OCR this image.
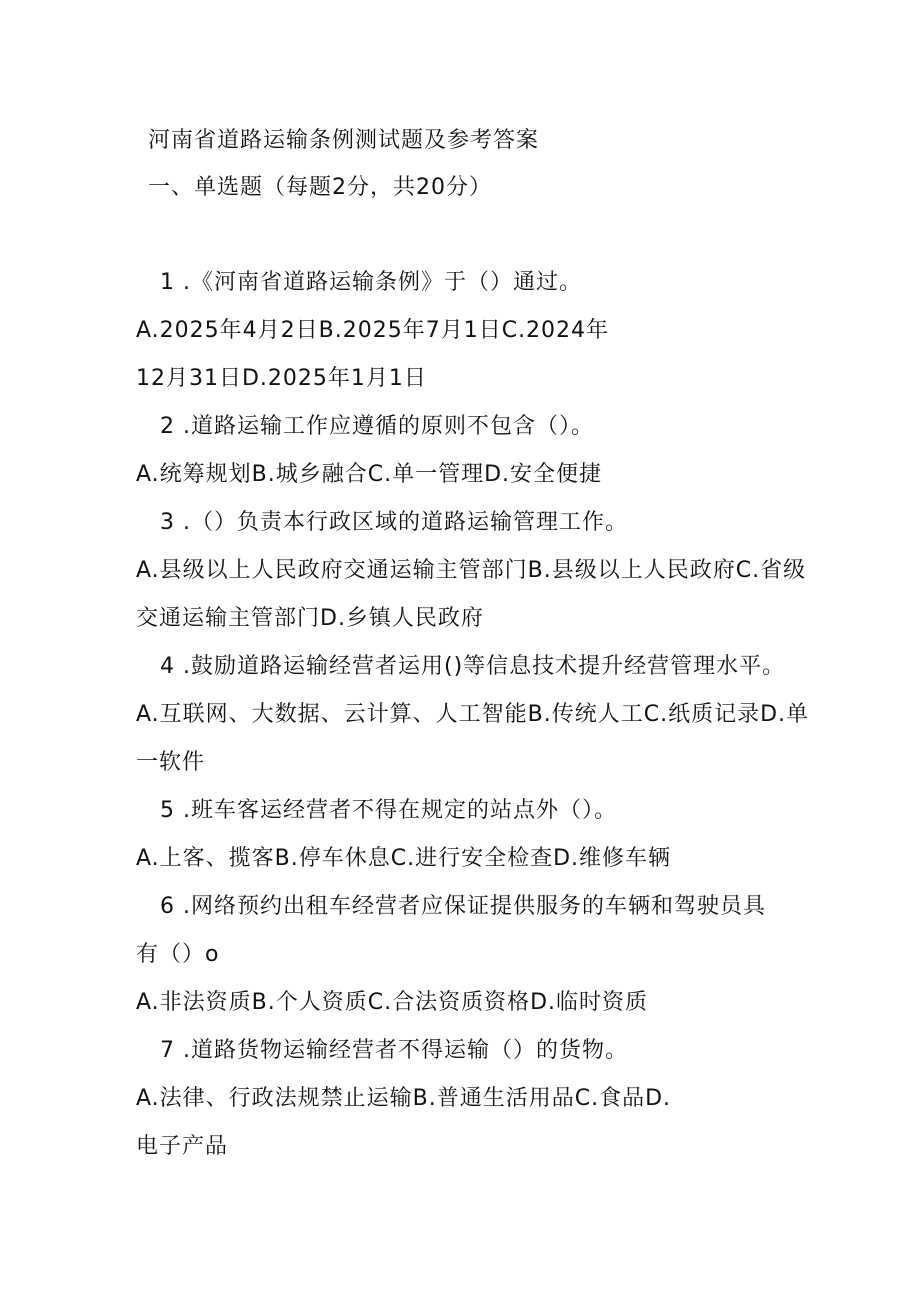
河南省道路运输条例测试题及参考答案
一、单选题（每题2分，共20分）
1 .《河南省道路运输条例》于（）通过。
A.2025年4月2日B.2025年7月1日C.2024年
12月31日D.2025年1月1日
2 .道路运输工作应遵循的原则不包含（）。
A.统筹规划B.城乡融合C.单一管理D.安全便捷
3 .（）负责本行政区域的道路运输管理工作。
A.县级以上人民政府交通运输主管部门B.县级以上人民政府C.省级
交通运输主管部门D.乡镇人民政府
4 .鼓励道路运输经营者运用()等信息技术提升经营管理水平。
A.互联网、大数据、云计算、人工智能B.传统人工C.纸质记录D.单
一软件
5 .班车客运经营者不得在规定的站点外（）。
A.上客、揽客B.停车休息C.进行安全检查D.维修车辆
6 .网络预约出租车经营者应保证提供服务的车辆和驾驶员具
有（）o
A.非法资质B.个人资质C.合法资质资格D.临时资质
7 .道路货物运输经营者不得运输（）的货物。
A.法律、行政法规禁止运输B.普通生活用品C.食品D.
电子产品
